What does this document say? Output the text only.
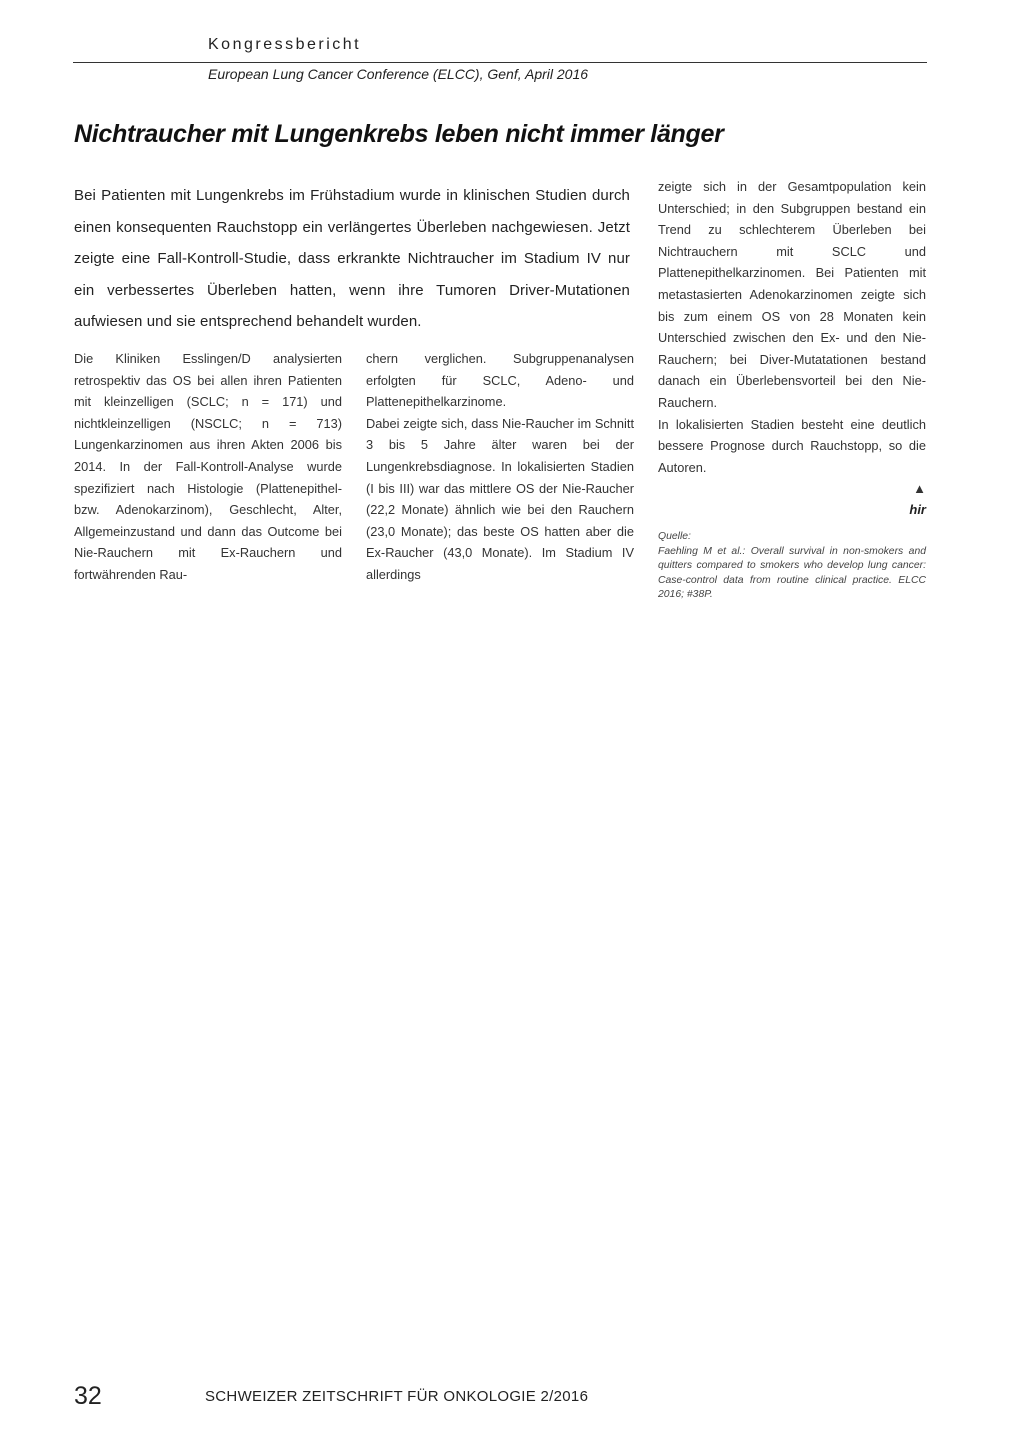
Kongressbericht
European Lung Cancer Conference (ELCC), Genf, April 2016
Nichtraucher mit Lungenkrebs leben nicht immer länger

Bei Patienten mit Lungenkrebs im Frühstadium wurde in klinischen Studien durch einen konsequenten Rauchstopp ein verlängertes Überleben nachgewiesen. Jetzt zeigte eine Fall-Kontroll-Studie, dass erkrankte Nichtraucher im Stadium IV nur ein verbessertes Überleben hatten, wenn ihre Tumoren Driver-Mutationen aufwiesen und sie entsprechend behandelt wurden.

Die Kliniken Esslingen/D analysierten retrospektiv das OS bei allen ihren Patienten mit kleinzelligen (SCLC; n = 171) und nichtkleinzelligen (NSCLC; n = 713) Lungenkarzinomen aus ihren Akten 2006 bis 2014. In der Fall-Kontroll-Analyse wurde spezifiziert nach Histologie (Plattenepithel- bzw. Adenokarzinom), Geschlecht, Alter, Allgemeinzustand und dann das Outcome bei Nie-Rauchern mit Ex-Rauchern und fortwährenden Rau-

chern verglichen. Subgruppenanalysen erfolgten für SCLC, Adeno- und Plattenepithelkarzinome.

Dabei zeigte sich, dass Nie-Raucher im Schnitt 3 bis 5 Jahre älter waren bei der Lungenkrebsdiagnose. In lokalisierten Stadien (I bis III) war das mittlere OS der Nie-Raucher (22,2 Monate) ähnlich wie bei den Rauchern (23,0 Monate); das beste OS hatten aber die Ex-Raucher (43,0 Monate). Im Stadium IV allerdings

zeigte sich in der Gesamtpopulation kein Unterschied; in den Subgruppen bestand ein Trend zu schlechterem Überleben bei Nichtrauchern mit SCLC und Plattenepithelkarzinomen. Bei Patienten mit metastasierten Adenokarzinomen zeigte sich bis zum einem OS von 28 Monaten kein Unterschied zwischen den Ex- und den Nie-Rauchern; bei Diver-Mutatationen bestand danach ein Überlebensvorteil bei den Nie-Rauchern.

In lokalisierten Stadien besteht eine deutlich bessere Prognose durch Rauchstopp, so die Autoren.

▲
hir
Quelle:
Faehling M et al.: Overall survival in non-smokers and quitters compared to smokers who develop lung cancer: Case-control data from routine clinical practice. ELCC 2016; #38P.
32	SCHWEIZER ZEITSCHRIFT FÜR ONKOLOGIE 2/2016
